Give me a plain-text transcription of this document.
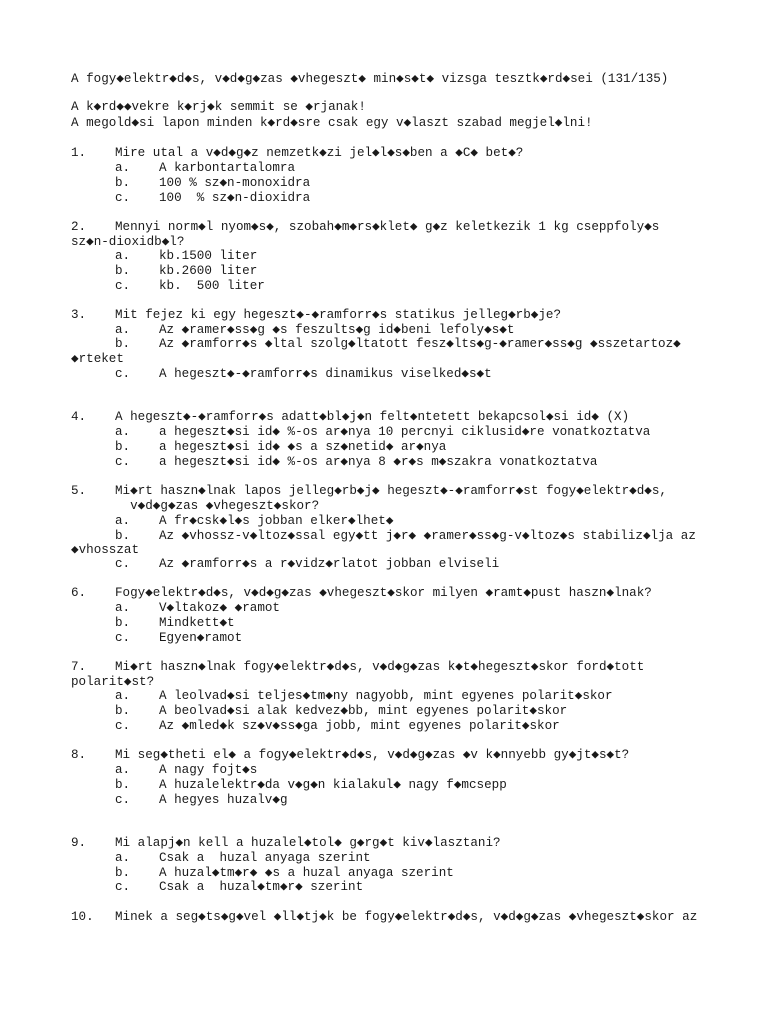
A fogy◆elektr◆d◆s, v◆d◆g◆zas ◆vhegeszt◆ min◆s◆t◆ vizsga tesztk◆rd◆sei (131/135)
A k◆rd◆◆vekre k◆rj◆k semmit se ◆rjanak!
A megold◆si lapon minden k◆rd◆sre csak egy v◆laszt szabad megjel◆lni!
1. Mire utal a v◆d◆g◆z nemzetk◆zi jel◆l◆s◆ben a ◆C◆ bet◆?
a. A karbontartalomra
b. 100 % sz◆n-monoxidra
c. 100  % sz◆n-dioxidra
2. Mennyi norm◆l nyom◆s◆, szobah◆m◆rs◆klet◆ g◆z keletkezik 1 kg cseppfoly◆s
sz◆n-dioxidb◆l?
a. kb.1500 liter
b. kb.2600 liter
c. kb.  500 liter
3. Mit fejez ki egy hegeszt◆-◆ramforr◆s statikus jelleg◆rb◆je?
a. Az ◆ramer◆ss◆g ◆s feszults◆g id◆beni lefoly◆s◆t
b. Az ◆ramforr◆s ◆ltal szolg◆ltatott fesz◆lts◆g-◆ramer◆ss◆g ◆sszetartoz◆
◆rteket
c. A hegeszt◆-◆ramforr◆s dinamikus viselked◆s◆t
4. A hegeszt◆-◆ramforr◆s adatt◆bl◆j◆n felt◆ntetett bekapcsol◆si id◆ (X)
a. a hegeszt◆si id◆ %-os ar◆nya 10 percnyi ciklusid◆re vonatkoztatva
b. a hegeszt◆si id◆ ◆s a sz◆netid◆ ar◆nya
c. a hegeszt◆si id◆ %-os ar◆nya 8 ◆r◆s m◆szakra vonatkoztatva
5. Mi◆rt haszn◆lnak lapos jelleg◆rb◆j◆ hegeszt◆-◆ramforr◆st fogy◆elektr◆d◆s,
v◆d◆g◆zas ◆vhegeszt◆skor?
a. A fr◆csk◆l◆s jobban elker◆lhet◆
b. Az ◆vhossz-v◆ltoz◆ssal egy◆tt j◆r◆ ◆ramer◆ss◆g-v◆ltoz◆s stabiliz◆lja az
◆vhosszat
c. Az ◆ramforr◆s a r◆vidz◆rlatot jobban elviseli
6. Fogy◆elektr◆d◆s, v◆d◆g◆zas ◆vhegeszt◆skor milyen ◆ramt◆pust haszn◆lnak?
a. V◆ltakoz◆ ◆ramot
b. Mindkett◆t
c. Egyen◆ramot
7. Mi◆rt haszn◆lnak fogy◆elektr◆d◆s, v◆d◆g◆zas k◆t◆hegeszt◆skor ford◆tott
polarit◆st?
a. A leolvad◆si teljes◆tm◆ny nagyobb, mint egyenes polarit◆skor
b. A beolvad◆si alak kedvez◆bb, mint egyenes polarit◆skor
c. Az ◆mled◆k sz◆v◆ss◆ga jobb, mint egyenes polarit◆skor
8. Mi seg◆theti el◆ a fogy◆elektr◆d◆s, v◆d◆g◆zas ◆v k◆nnyebb gy◆jt◆s◆t?
a. A nagy fojt◆s
b. A huzalelektr◆da v◆g◆n kialakul◆ nagy f◆mcsepp
c. A hegyes huzalv◆g
9. Mi alapj◆n kell a huzalel◆tol◆ g◆rg◆t kiv◆lasztani?
a. Csak a  huzal anyaga szerint
b. A huzal◆tm◆r◆ ◆s a huzal anyaga szerint
c. Csak a  huzal◆tm◆r◆ szerint
10. Minek a seg◆ts◆g◆vel ◆ll◆tj◆k be fogy◆elektr◆d◆s, v◆d◆g◆zas ◆vhegeszt◆skor az
